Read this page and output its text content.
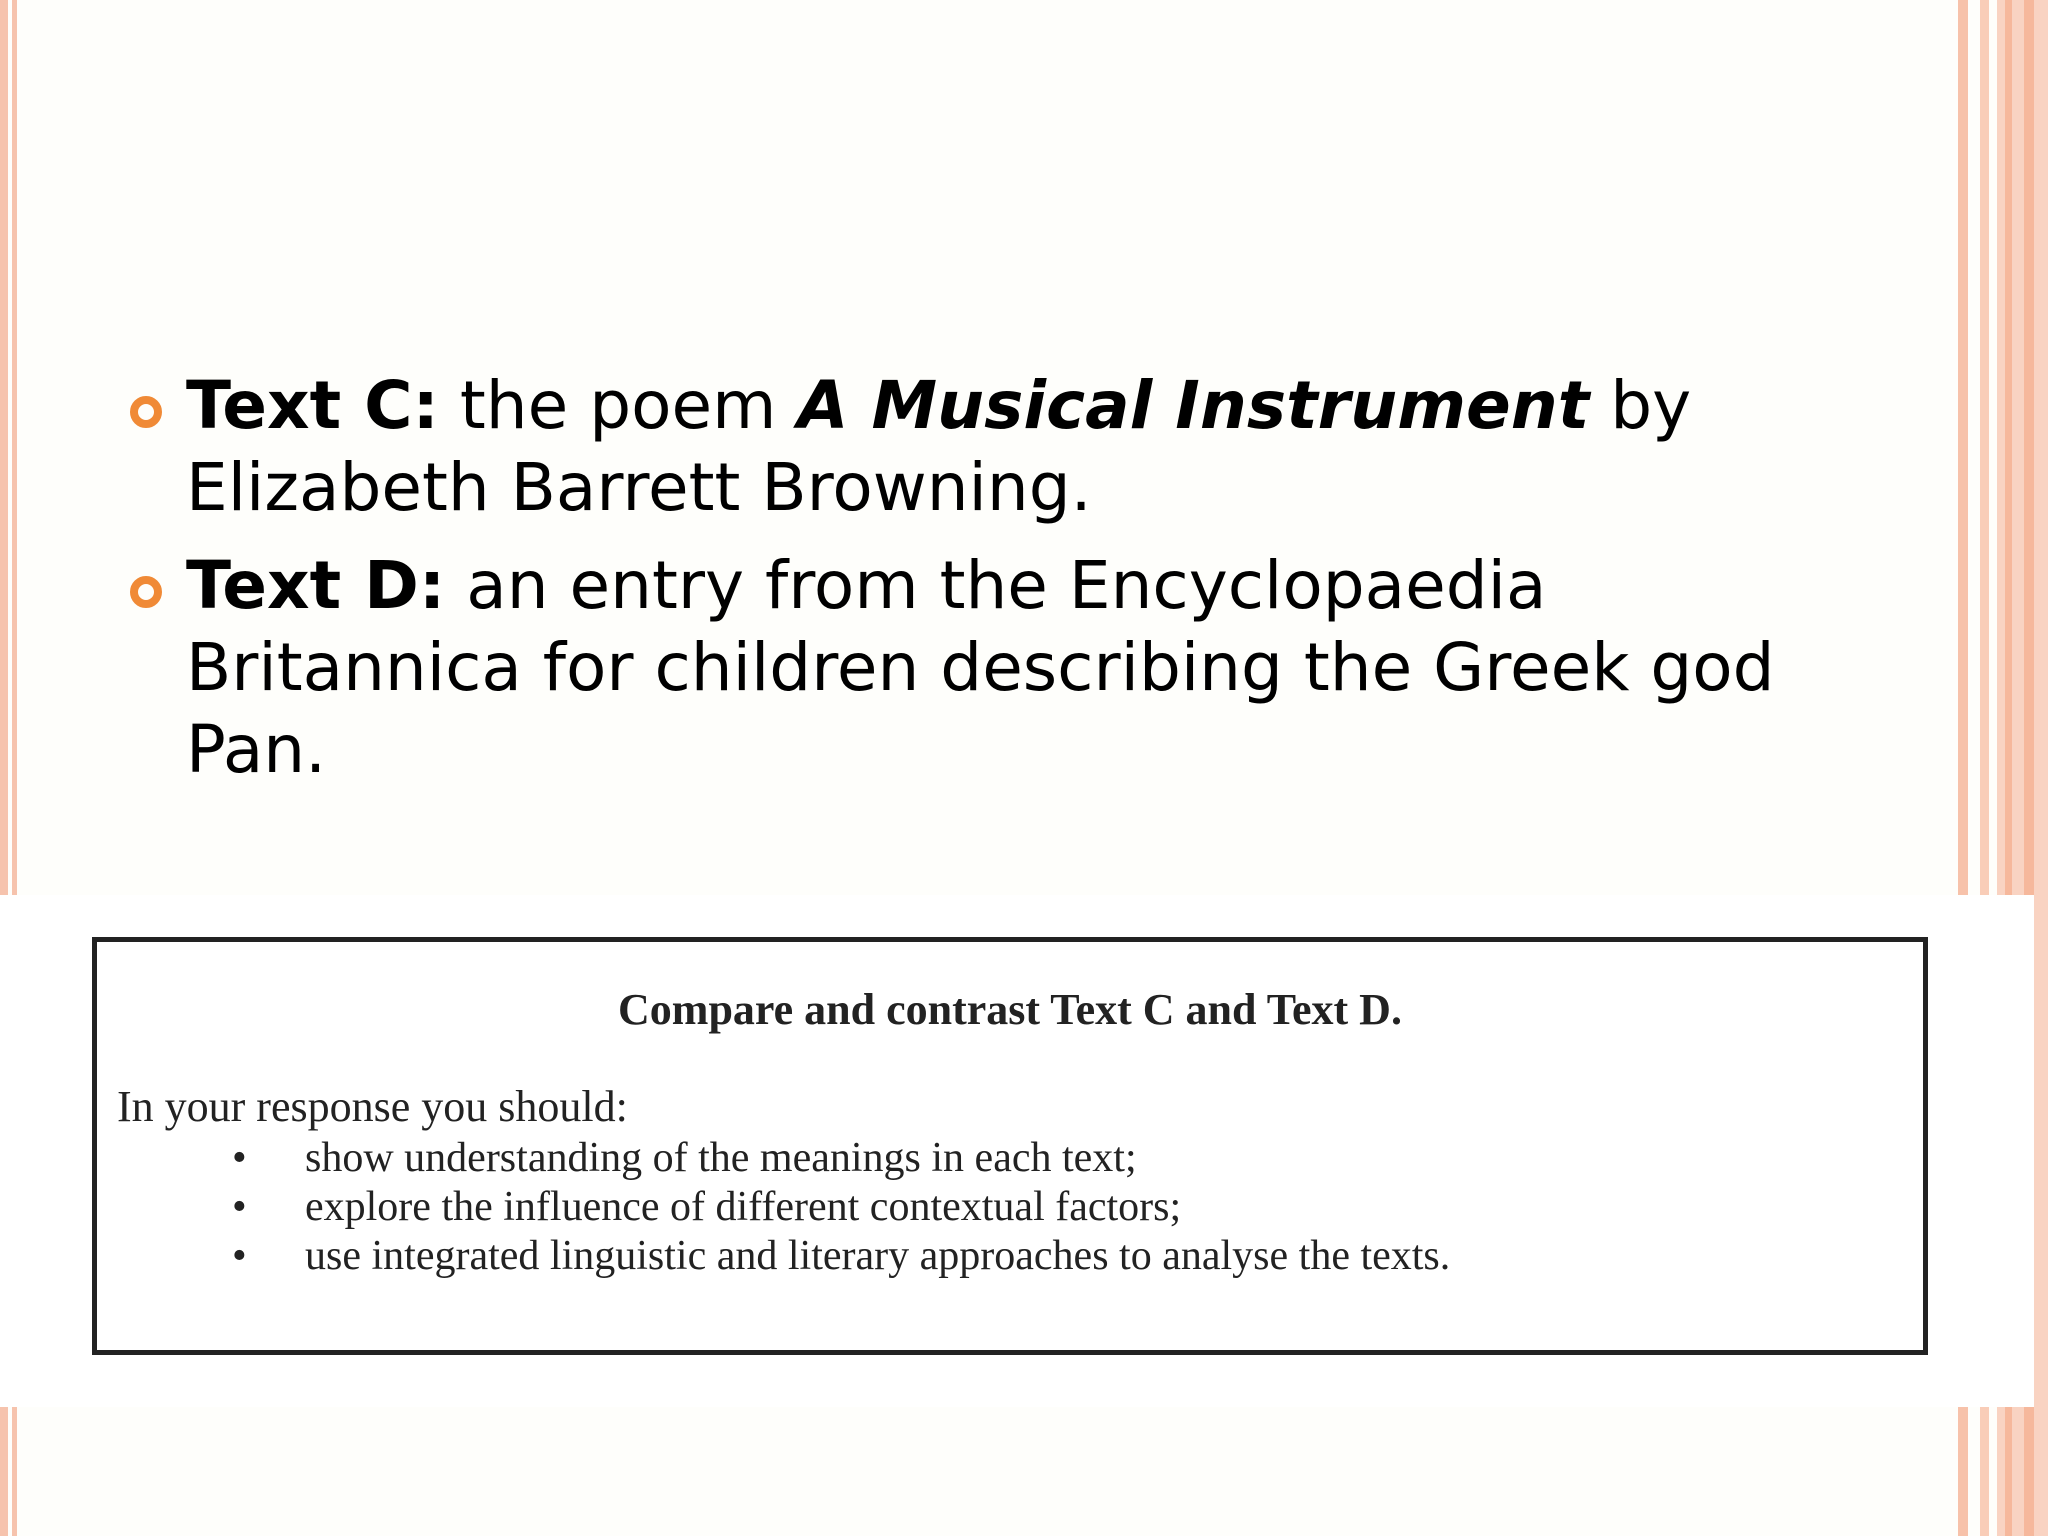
Text C: the poem A Musical Instrument by Elizabeth Barrett Browning.
Text D: an entry from the Encyclopaedia Britannica for children describing the Greek god Pan.
Compare and contrast Text C and Text D.
In your response you should:
• show understanding of the meanings in each text;
• explore the influence of different contextual factors;
• use integrated linguistic and literary approaches to analyse the texts.
